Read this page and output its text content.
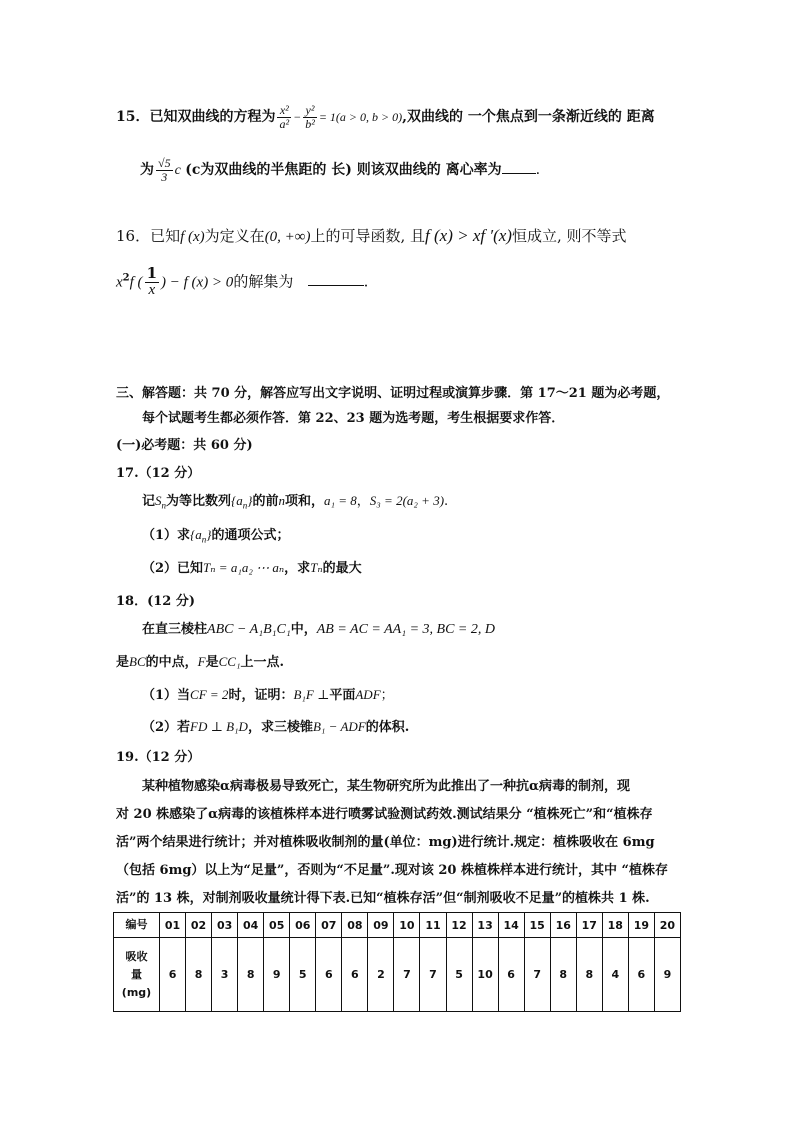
15．已知双曲线的方程为 $\frac{\text{x²}}{\text{a²}} - \frac{\text{y²}}{\text{b²}} = 1(a > 0$, b > 0),双曲线的 一个焦点到一条渐近线的 距离
为 $\frac{√5}{3}$ c (c为双曲线的半焦距的 长) 则该双曲线的 离心率为 .
16．已知f (x)为定义在(0, +∞)上的可导函数, 且f (x) > xf ′(x)恒成立, 则不等式
$x^2f$ ( $\frac{1}{x}$ ) − f (x) > 0的解集为	.
三、解答题：共 70 分，解答应写出文字说明、证明过程或演算步骤．第 17～21 题为必考题，
每个试题考生都必须作答．第 22、23 题为选考题，考生根据要求作答．
(一)必考题：共 60 分)
17.（12 分）
记$S_n$为等比数列$\{a_n\}$的前n项和，a₁ = 8，S₃ = 2(a₂ + 3).
（1）求$\{a_n\}$的通项公式；
（2）已知Tₙ = a₁a₂ ⋯ aₙ，求Tₙ的最大
18．(12 分)
在直三棱柱ABC − A₁B₁C₁中，AB = AC = AA₁ = 3, BC = 2, D
是BC的中点，F是CC₁上一点.
（1）当CF = 2时，证明：B₁F ⊥平面ADF；
（2）若FD ⊥ B₁D，求三棱锥B₁ − ADF的体积.
19.（12 分）
某种植物感染α病毒极易导致死亡，某生物研究所为此推出了一种抗α病毒的制剂，现
对 20 株感染了α病毒的该植株样本进行喷雾试验测试药效.测试结果分 “植株死亡”和“植株存
活”两个结果进行统计；并对植株吸收制剂的量(单位：mg)进行统计.规定：植株吸收在 6mg
（包括 6mg）以上为“足量”，否则为“不足量”.现对该 20 株植株样本进行统计，其中 “植株存
活”的 13 株，对制剂吸收量统计得下表.已知“植株存活”但“制剂吸收不足量”的植株共 1 株.
编号	01	02	03	04	05	06	07	08	09	10	11	12	13	14	15	16	17	18	19	20
吸收
量
(mg)	6	8	3	8	9	5	6	6	2	7	7	5	10	6	7	8	8	4	6	9
